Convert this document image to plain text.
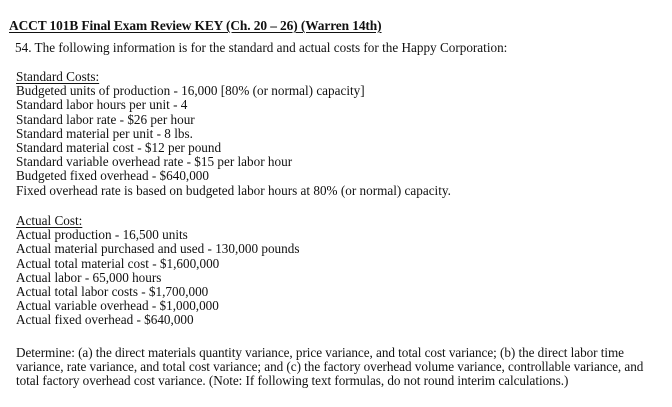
ACCT 101B Final Exam Review KEY (Ch. 20 – 26) (Warren 14th)
54. The following information is for the standard and actual costs for the Happy Corporation:
Standard Costs:
Budgeted units of production - 16,000 [80% (or normal) capacity]
Standard labor hours per unit - 4
Standard labor rate - $26 per hour
Standard material per unit - 8 lbs.
Standard material cost - $12 per pound
Standard variable overhead rate - $15 per labor hour
Budgeted fixed overhead - $640,000
Fixed overhead rate is based on budgeted labor hours at 80% (or normal) capacity.
Actual Cost:
Actual production - 16,500 units
Actual material purchased and used - 130,000 pounds
Actual total material cost - $1,600,000
Actual labor - 65,000 hours
Actual total labor costs - $1,700,000
Actual variable overhead - $1,000,000
Actual fixed overhead - $640,000
Determine: (a) the direct materials quantity variance, price variance, and total cost variance; (b) the direct labor time
variance, rate variance, and total cost variance; and (c) the factory overhead volume variance, controllable variance, and
total factory overhead cost variance. (Note: If following text formulas, do not round interim calculations.)
